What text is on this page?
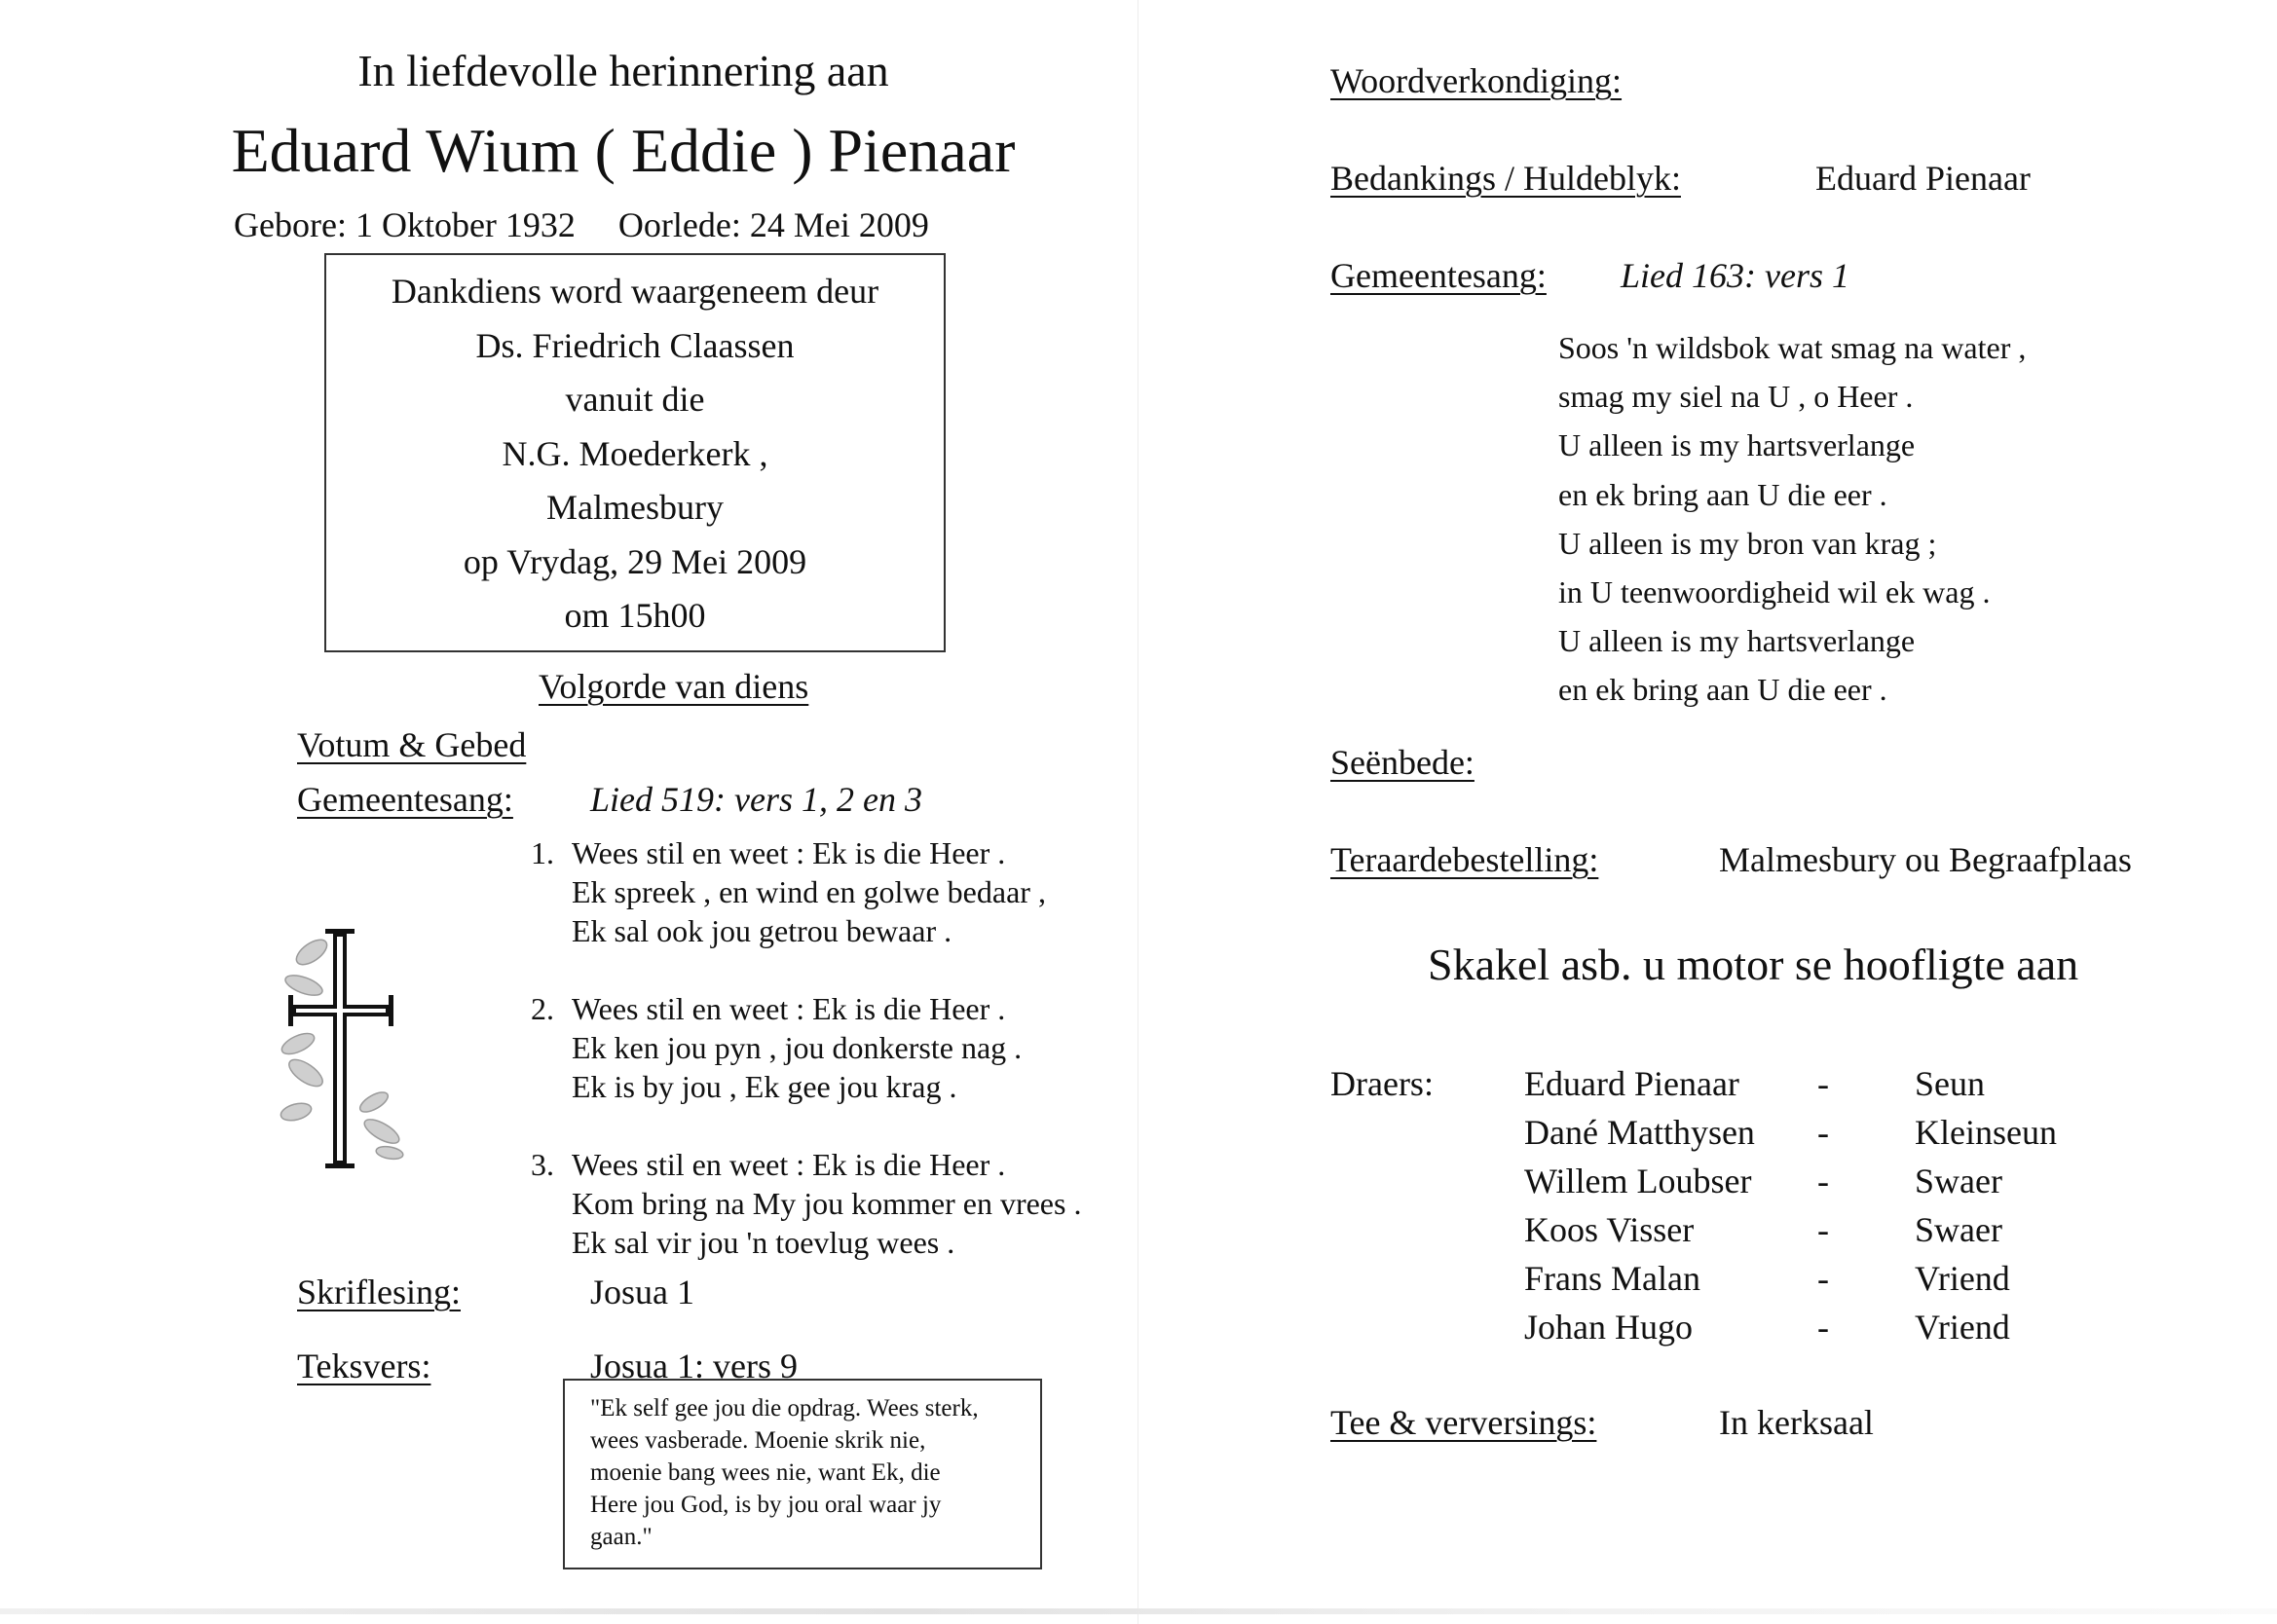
In liefdevolle herinnering aan
Eduard Wium ( Eddie ) Pienaar
Gebore: 1 Oktober 1932 Oorlede: 24 Mei 2009
Dankdiens word waargeneem deur
Ds. Friedrich Claassen
vanuit die
N.G. Moederkerk ,
Malmesbury
op Vrydag, 29 Mei 2009
om 15h00
Volgorde van diens
Votum & Gebed
Gemeentesang: Lied 519: vers 1, 2 en 3
1. Wees stil en weet : Ek is die Heer .
Ek spreek , en wind en golwe bedaar ,
Ek sal ook jou getrou bewaar .
2. Wees stil en weet : Ek is die Heer .
Ek ken jou pyn , jou donkerste nag .
Ek is by jou , Ek gee jou krag .
3. Wees stil en weet : Ek is die Heer .
Kom bring na My jou kommer en vrees .
Ek sal vir jou 'n toevlug wees .
Skriflesing:	Josua 1
Teksvers:	Josua 1: vers 9
"Ek self gee jou die opdrag. Wees sterk,
wees vasberade. Moenie skrik nie,
moenie bang wees nie, want Ek, die
Here jou God, is by jou oral waar jy
gaan."
Woordverkondiging:
Bedankings / Huldeblyk:	Eduard Pienaar
Gemeentesang: Lied 163: vers 1
Soos 'n wildsbok wat smag na water ,
smag my siel na U , o Heer .
U alleen is my hartsverlange
en ek bring aan U die eer .
U alleen is my bron van krag ;
in U teenwoordigheid wil ek wag .
U alleen is my hartsverlange
en ek bring aan U die eer .
Seënbede:
Teraardebestelling:	Malmesbury ou Begraafplaas
Skakel asb. u motor se hoofligte aan
Draers:	Eduard Pienaar - Seun
Dané Matthysen - Kleinseun
Willem Loubser - Swaer
Koos Visser	- Swaer
Frans Malan	- Vriend
Johan Hugo	- Vriend
Tee & verversings:	In kerksaal
